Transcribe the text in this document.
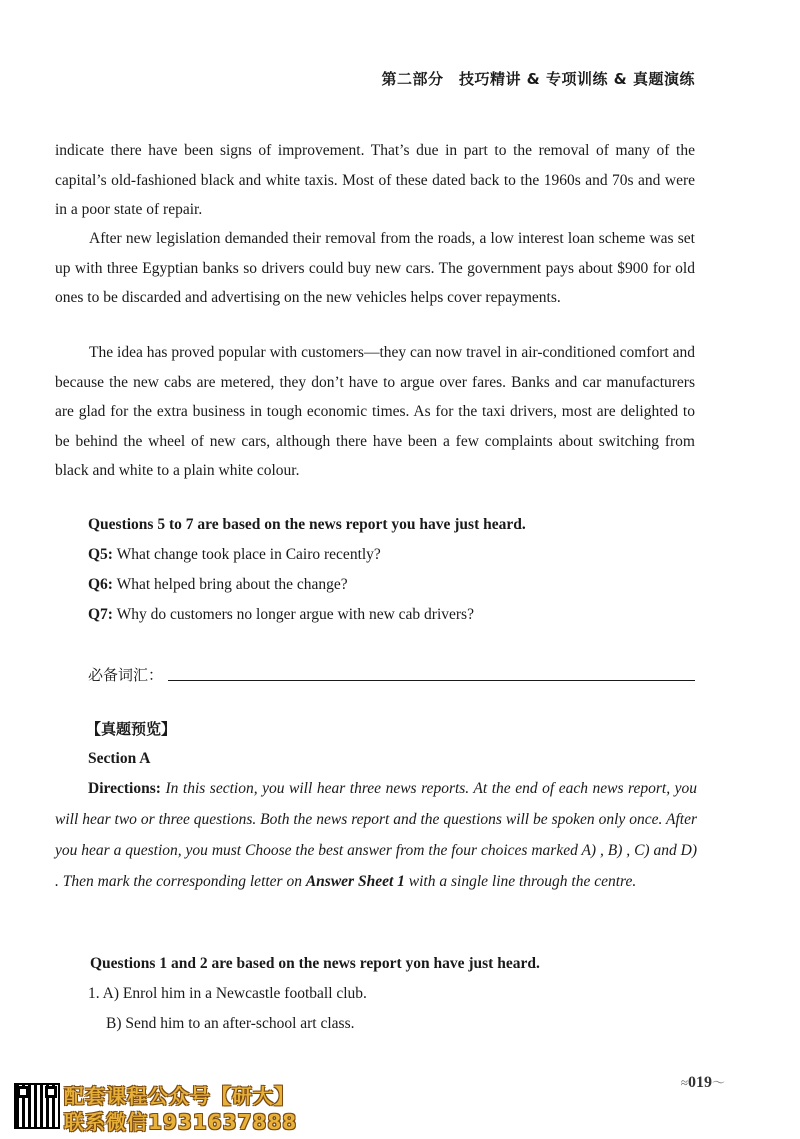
第二部分　技巧精讲 & 专项训练 & 真题演练

indicate there have been signs of improvement. That’s due in part to the removal of many of the capital’s old-fashioned black and white taxis. Most of these dated back to the 1960s and 70s and were in a poor state of repair.

After new legislation demanded their removal from the roads, a low interest loan scheme was set up with three Egyptian banks so drivers could buy new cars. The government pays about $900 for old ones to be discarded and advertising on the new vehicles helps cover repayments.

The idea has proved popular with customers—they can now travel in air-conditioned comfort and because the new cabs are metered, they don’t have to argue over fares. Banks and car manufacturers are glad for the extra business in tough economic times. As for the taxi drivers, most are delighted to be behind the wheel of new cars, although there have been a few complaints about switching from black and white to a plain white colour.

Questions 5 to 7 are based on the news report you have just heard.
Q5: What change took place in Cairo recently?
Q6: What helped bring about the change?
Q7: Why do customers no longer argue with new cab drivers?
必备词汇：
【真题预览】
Section A

Directions: In this section, you will hear three news reports. At the end of each news report, you will hear two or three questions. Both the news report and the questions will be spoken only once. After you hear a question, you must Choose the best answer from the four choices marked A) , B) , C) and D) . Then mark the corresponding letter on Answer Sheet 1 with a single line through the centre.

Questions 1 and 2 are based on the news report yon have just heard.
1. A) Enrol him in a Newcastle football club.
B) Send him to an after-school art class.
≈019～
配套课程公众号【研大】
联系微信1931637888
